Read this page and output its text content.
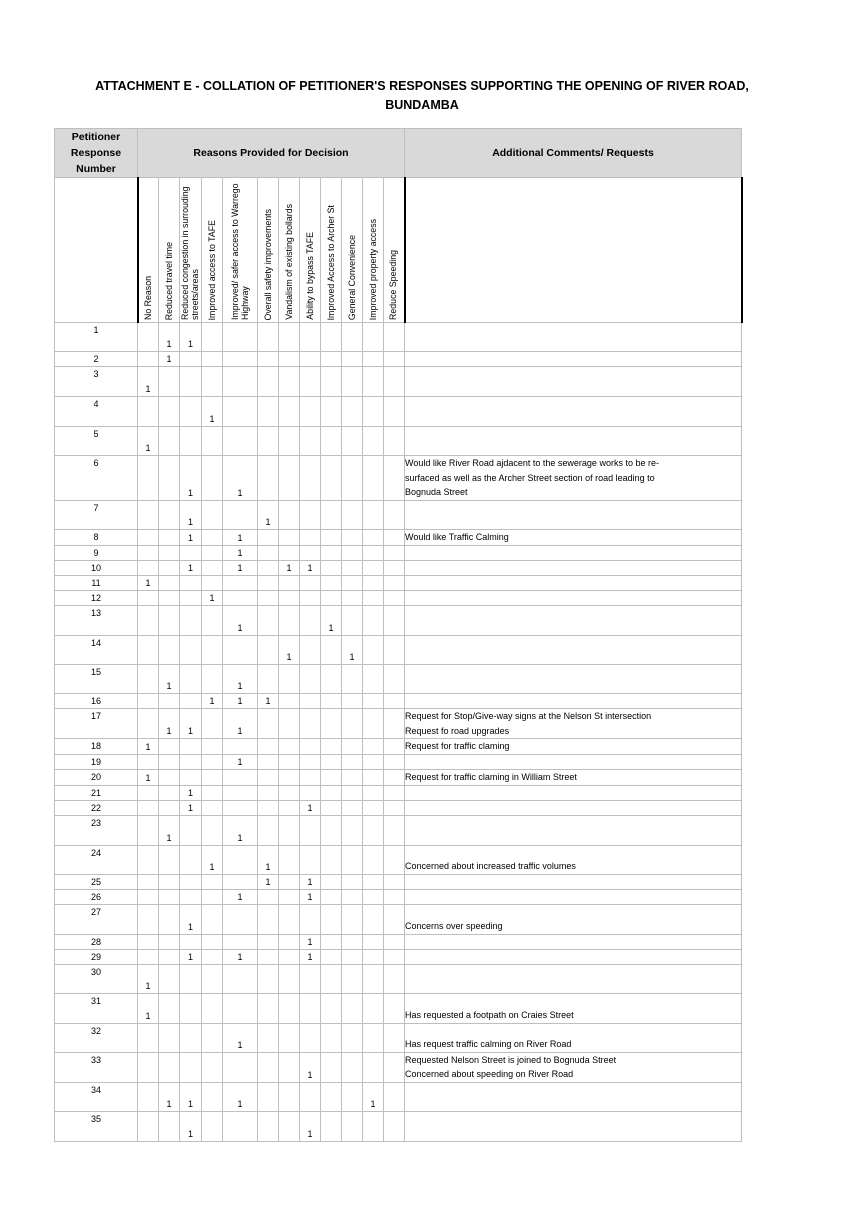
ATTACHMENT E - COLLATION OF PETITIONER'S RESPONSES SUPPORTING THE OPENING OF RIVER ROAD, BUNDAMBA
Petitioner Response Number	Reasons Provided for Decision												Additional Comments/ Requests

	No Reason	Reduced travel time	Reduced congestion in surrouding streets/areas	Improved access to TAFE	Improved/ safer access to Warrego Highway	Overall safety improvements	Vandalism of existing bollards	Ability to bypass TAFE	Improved Access to Archer St	General Convenience	Improved property access	Reduce Speeding	

1		1	1										
2		1											
3	1												
4				1									
5	1												
6			1		1								Would like River Road ajdacent to the sewerage works to be re-
surfaced as well as the Archer Street section of road leading to
Bognuda Street
7			1			1							
8			1		1								Would like Traffic Calming
9					1								
10			1		1		1	1					
11	1												
12				1									
13					1				1				
14							1			1			
15		1			1								
16				1	1	1							
17		1	1		1								Request for Stop/Give-way signs at the Nelson St intersection
Request fo road upgrades
18	1												Request for traffic claming
19					1								
20	1												Request for traffic claming in William Street
21			1										
22			1					1					
23		1			1								
24				1		1							Concerned about increased traffic volumes
25						1		1					
26					1			1					
27			1										Concerns over speeding
28								1					
29			1		1			1					
30	1												
31	1												Has requested a footpath on Craies Street
32					1								Has request traffic calming on River Road
33								1					Requested Nelson Street is joined to Bognuda Street
Concerned about speeding on River Road
34		1	1		1						1		
35			1					1					
